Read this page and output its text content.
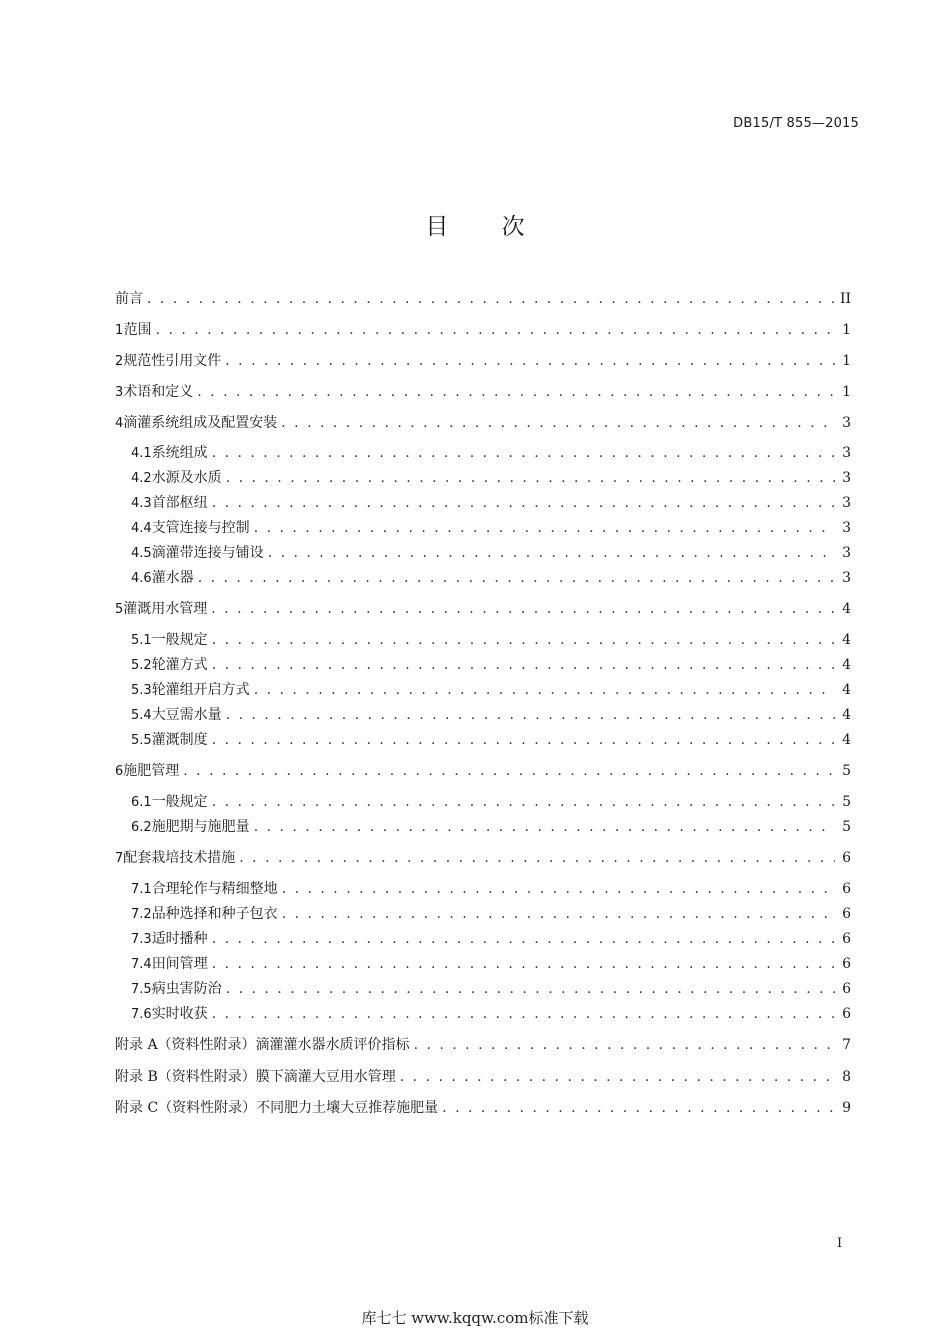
DB15/T 855—2015
目 次
前言 . . .	II
1 范围 . . .	1
2 规范性引用文件 . . .	1
3 术语和定义 . . .	1
4 滴灌系统组成及配置安装 . . .	3
4.1 系统组成 . . .	3
4.2 水源及水质 . . .	3
4.3 首部枢纽 . . .	3
4.4 支管连接与控制 . . .	3
4.5 滴灌带连接与铺设 . . .	3
4.6 灌水器 . . .	3
5 灌溉用水管理 . . .	4
5.1 一般规定 . . .	4
5.2 轮灌方式 . . .	4
5.3 轮灌组开启方式 . . .	4
5.4 大豆需水量 . . .	4
5.5 灌溉制度 . . .	4
6 施肥管理 . . .	5
6.1 一般规定 . . .	5
6.2 施肥期与施肥量 . . .	5
7 配套栽培技术措施 . . .	6
7.1 合理轮作与精细整地 . . .	6
7.2 品种选择和种子包衣 . . .	6
7.3 适时播种 . . .	6
7.4 田间管理 . . .	6
7.5 病虫害防治 . . .	6
7.6 实时收获 . . .	6
附录 A（资料性附录） 滴灌灌水器水质评价指标 . . .	7
附录 B（资料性附录） 膜下滴灌大豆用水管理 . . .	8
附录 C（资料性附录） 不同肥力土壤大豆推荐施肥量 . . .	9
I
库七七 www.kqqw.com标准下载
